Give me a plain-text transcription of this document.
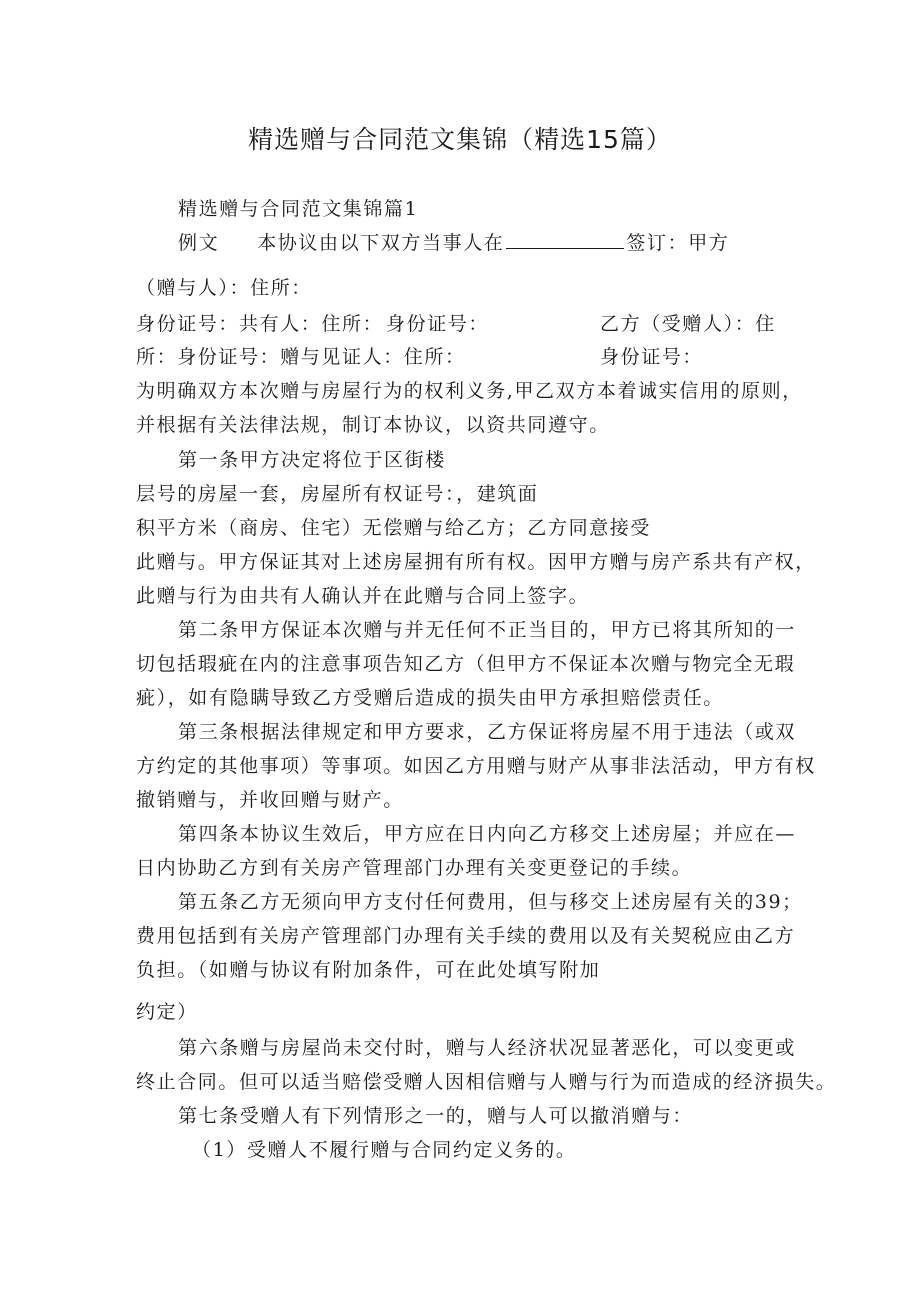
精选赠与合同范文集锦（精选15篇）
精选赠与合同范文集锦篇1
例文 本协议由以下双方当事人在	签订：甲方
（赠与人）：住所：
身份证号：共有人：住所： 身份证号：	乙方（受赠人）：住
所：身份证号：赠与见证人：住所：	身份证号：
为明确双方本次赠与房屋行为的权利义务,甲乙双方本着诚实信用的原则，
并根据有关法律法规，制订本协议，以资共同遵守。
第一条甲方决定将位于区街楼
层号的房屋一套，房屋所有权证号：，建筑面
积平方米（商房、住宅）无偿赠与给乙方；乙方同意接受
此赠与。甲方保证其对上述房屋拥有所有权。因甲方赠与房产系共有产权，
此赠与行为由共有人确认并在此赠与合同上签字。
第二条甲方保证本次赠与并无任何不正当目的，甲方已将其所知的一
切包括瑕疵在内的注意事项告知乙方（但甲方不保证本次赠与物完全无瑕
疵），如有隐瞒导致乙方受赠后造成的损失由甲方承担赔偿责任。
第三条根据法律规定和甲方要求，乙方保证将房屋不用于违法（或双
方约定的其他事项）等事项。如因乙方用赠与财产从事非法活动，甲方有权
撤销赠与，并收回赠与财产。
第四条本协议生效后，甲方应在日内向乙方移交上述房屋；并应在—
日内协助乙方到有关房产管理部门办理有关变更登记的手续。
第五条乙方无须向甲方支付任何费用，但与移交上述房屋有关的39；
费用包括到有关房产管理部门办理有关手续的费用以及有关契税应由乙方
负担。（如赠与协议有附加条件，可在此处填写附加
约定）
第六条赠与房屋尚未交付时，赠与人经济状况显著恶化，可以变更或
终止合同。但可以适当赔偿受赠人因相信赠与人赠与行为而造成的经济损失。
第七条受赠人有下列情形之一的，赠与人可以撤消赠与：
（1）受赠人不履行赠与合同约定义务的。
